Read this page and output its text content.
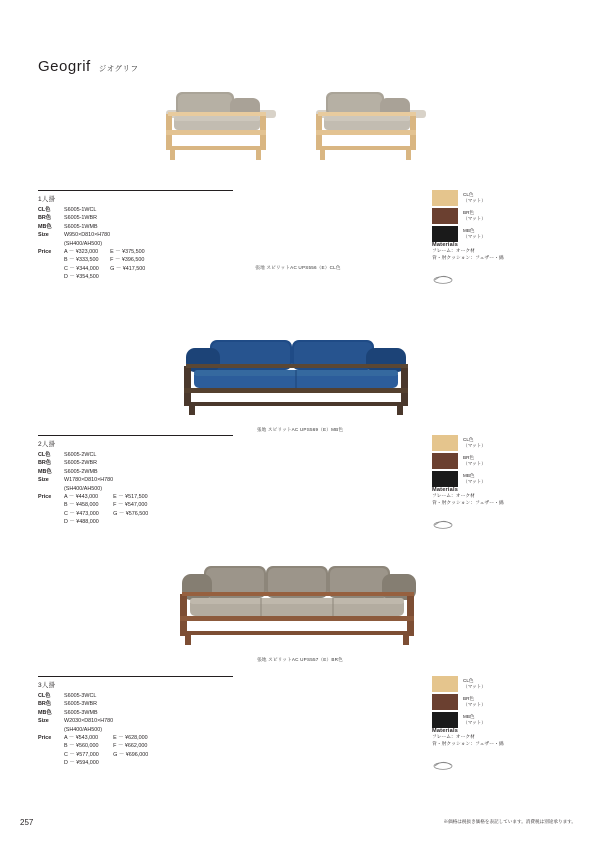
Geogrif ジオグリフ
張地 スピリットAC UPS556（E）CL色
1人掛
CL色	S6005-1WCL	
BR色	S6005-1WBR	
MB色	S6005-1WMB	
Size	W950×D810×H780	
	(SH400/AH500)	
Price	A － ¥323,000	E － ¥375,500
	B － ¥333,500	F － ¥396,500
	C － ¥344,000	G － ¥417,500
	D － ¥354,500	
CL色
（マット）
BR色
（マット）
MB色
（マット）
Materials

フレーム：オーク材

背・肘クッション：フェザー・綿

張地 スピリットAC UPS569（E）MB色
2人掛
CL色	S6005-2WCL	
BR色	S6005-2WBR	
MB色	S6005-2WMB	
Size	W1780×D810×H780	
	(SH400/AH500)	
Price	A － ¥443,000	E － ¥517,500
	B － ¥458,000	F － ¥547,000
	C － ¥473,000	G － ¥576,500
	D － ¥488,000	
CL色
（マット）
BR色
（マット）
MB色
（マット）
Materials

フレーム：オーク材

背・肘クッション：フェザー・綿

張地 スピリットAC UPS557（E）BR色
3人掛
CL色	S6005-3WCL	
BR色	S6005-3WBR	
MB色	S6005-3WMB	
Size	W2030×D810×H780	
	(SH400/AH500)	
Price	A － ¥543,000	E － ¥628,000
	B － ¥560,000	F － ¥662,000
	C － ¥577,000	G － ¥696,000
	D － ¥594,000	
CL色
（マット）
BR色
（マット）
MB色
（マット）
Materials

フレーム：オーク材

背・肘クッション：フェザー・綿

257	※価格は税抜き価格を表記しています。消費税は別途承ります。
